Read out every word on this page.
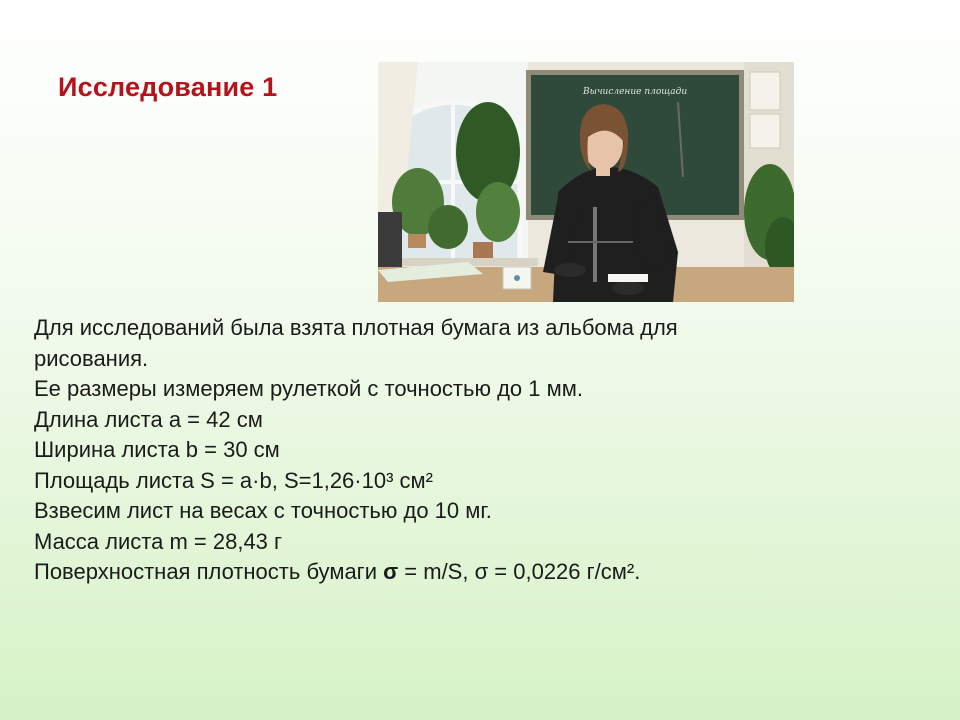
Исследование 1	Вычисление площади
Для исследований была взята плотная бумага из альбома для
рисования.
Ее размеры измеряем рулеткой с точностью до 1 мм.
Длина листа a = 42 см
Ширина листа b = 30 см
Площадь листа S = a·b, S=1,26·10³ см²
Взвесим лист на весах с точностью до 10 мг.
Масса листа m = 28,43 г
Поверхностная плотность бумаги σ = m/S, σ = 0,0226 г/см².
